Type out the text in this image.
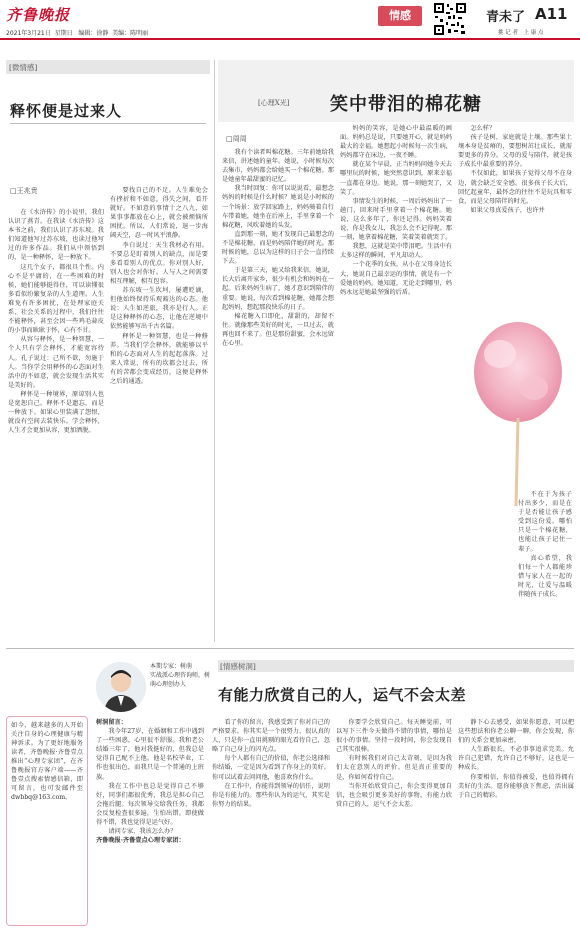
齐鲁晚报	情感	青未了 A11
2021年3月21日 星期日 编辑：徐静 美编：陈明丽	挑 记 者　上 康 点
[微情感]
释怀便是过来人
□王兆贵

在《水浒传》的小说里，我们认识了燕青。在我读《水浒传》这本书之前，我们认识了苏东坡。我们知道他写过苏东坡，也读过他写过的许多作品。我们从中领悟到的，是一种释怀，是一种放下。

这几个女子，都很具个性。内心不是平庸的，在一些困难的时候，她们能够挺得住，可以读懂很多看似纷繁复杂的人生道理。人生难免有许多困扰，在处理家庭关系、社会关系的过程中，我们往往不能释怀，甚至会因一些鸡毛蒜皮的小事而耿耿于怀，心有不甘。

从容与释怀，是一种智慧，一个人只有学会释怀，才能宽容待人。孔子说过：己所不欲，勿施于人。当你学会用释怀的心态面对生活中的不如意，就会发现生活其实是美好的。

释怀是一种境界，原谅别人也是宽恕自己。释怀不是遗忘，而是一种放下。如果心里装满了怨恨，就没有空间去装快乐。学会释怀，人生才会更加从容，更加洒脱。

要找自己的不足。人生难免会有挫折和不如意，得失之间，看开就好。不如意的事情十之八九，如果事事都放在心上，就会被烦恼所困扰。所以，人们常说，退一步海阔天空，忍一时风平浪静。

李白说过：天生我材必有用。不要总是盯着别人的缺点，而是要多看看别人的优点。你对别人好，别人也会对你好。人与人之间需要相互理解，相互包容。

苏东坡一生坎坷，屡遭贬谪，但他始终保持乐观豁达的心态。他说：人生如逆旅，我亦是行人。正是这种释怀的心态，让他在逆境中依然能够写出千古名篇。

释怀是一种智慧，也是一种修养。当我们学会释怀，就能够以平和的心态面对人生的起起落落。过来人常说，所有的坎都会过去，所有的苦都会变成经历，这便是释怀之后的通透。

[心理X光] 笑中带泪的棉花糖
□周周

我有个读者叫棉花糖。三年前她给我来信，讲述她的童年。她说，小时候每次去集市，妈妈都会给她买一个棉花糖。那是她童年最甜蜜的记忆。

我当时回复：你可以说说看，最想念妈妈的时候是什么时候？她说是小时候的一个场景：放学回家路上，妈妈骑着自行车带着她，她坐在后座上，手里拿着一个棉花糖，风吹着她的头发。

直到那一刻，她才发现自己最想念的不是棉花糖，而是妈妈陪伴她的时光。那时候的她，总以为这样的日子会一直持续下去。

于是第三天，她又给我来信。她说，长大后离开家乡，很少有机会和妈妈在一起。后来妈妈生病了，她才意识到陪伴的重要。她说，每次看到棉花糖，她都会想起妈妈，想起那段快乐的日子。

棉花糖入口即化，甜甜的，却留不住。就像那些美好的时光，一旦过去，就再也回不来了。但是那份甜蜜，会永远留在心里。

妈妈的笑容，是她心中最温暖的画面。妈妈总是说，只要她开心，就是妈妈最大的幸福。她想起小时候每一次生病，妈妈都守在床边，一夜不睡。

就在某个早晨，正当妈妈问她今天去哪里玩的时候，她突然意识到，原来幸福一直都在身边。她说，那一刻她哭了，又笑了。

事情发生的时候，一周后妈妈出了一趟门，回来时手里拿着一个棉花糖。她说，这么多年了，你还记得。妈妈笑着说，你是我女儿，我怎么会不记得呢。那一刻，她拿着棉花糖，笑着笑着就哭了。

我想，这就是笑中带泪吧。生活中有太多这样的瞬间，平凡却动人。

一个花季的女孩，从小在父母身边长大，她说自己最幸运的事情，就是有一个爱她的妈妈。她知道，无论走到哪里，妈妈永远是她最坚强的后盾。

怎么样？

孩子是树，家庭就是土壤。那些果土壤本身是贫瘠的，要想树茁壮成长，就需要更多的养分。父母的爱与陪伴，就是孩子成长中最重要的养分。

不仅如此，如果孩子觉得父母不在身边，就会缺乏安全感。很多孩子长大后，回忆起童年，最怀念的往往不是玩具和零食，而是父母陪伴的时光。

如果父母真爱孩子，也许并

不在于为孩子付出多少，而是在于是否能让孩子感受到这份爱。哪怕只是一个棉花糖，也能让孩子记住一辈子。

真心希望，我们每一个人都能珍惜与家人在一起的时光，让爱与温暖伴随孩子成长。

本期专家：树萌
实战派心理咨询师，树萌心理创办人
如今，越来越多的人开始关注自身的心理健康与精神诉求。为了更好地服务读者，齐鲁晚报·齐鲁壹点推出“心理专家团”，在齐鲁晚报官方客户端——齐鲁壹点搜索情感信箱，即可留言，也可发邮件至dwbbq@163.com。
[情感树洞]
有能力欣赏自己的人，运气不会太差

树洞留言：

我今年27岁，在婚姻和工作中遇到了一些困惑，心里很不舒服。我和老公结婚三年了，他对我挺好的，但我总是觉得自己配不上他。他是名校毕业，工作也很出色，而我只是一个普通的上班族。

我在工作中也总是觉得自己不够好，同事们都很优秀，我总是担心自己会拖后腿。每次领导交给我任务，我都会反复检查很多遍，生怕出错。即使做得不错，我也觉得是运气好。

请问专家，我该怎么办？

齐鲁晚报·齐鲁壹点心理专家团：

看了你的留言，我感受到了你对自己的严格要求。你其实是一个很努力、很认真的人，只是你一直用挑剔的眼光看待自己，忽略了自己身上的闪光点。

每个人都有自己的价值，你老公选择和你结婚，一定是因为看到了你身上的美好。你可以试着去问问他，他喜欢你什么。

在工作中，你能得到领导的信任，说明你是有能力的。那些你认为的运气，其实是你努力的结果。

你要学会欣赏自己。每天睡觉前，可以写下三件今天做得不错的事情，哪怕是很小的事情。坚持一段时间，你会发现自己其实很棒。

有时候我们对自己太苛刻，是因为我们太在意别人的评价。但是真正重要的是，你如何看待自己。

当你开始欣赏自己，你会变得更加自信，也会吸引更多美好的事物。有能力欣赏自己的人，运气不会太差。

静下心去感受，如果你愿意，可以把这些想法和你老公聊一聊，你会发现，你们的关系会更加亲密。

人生路很长，不必事事追求完美。允许自己犯错，允许自己不够好，这也是一种成长。

你要相信，你值得被爱，也值得拥有美好的生活。愿你能够放下焦虑，活出属于自己的精彩。
